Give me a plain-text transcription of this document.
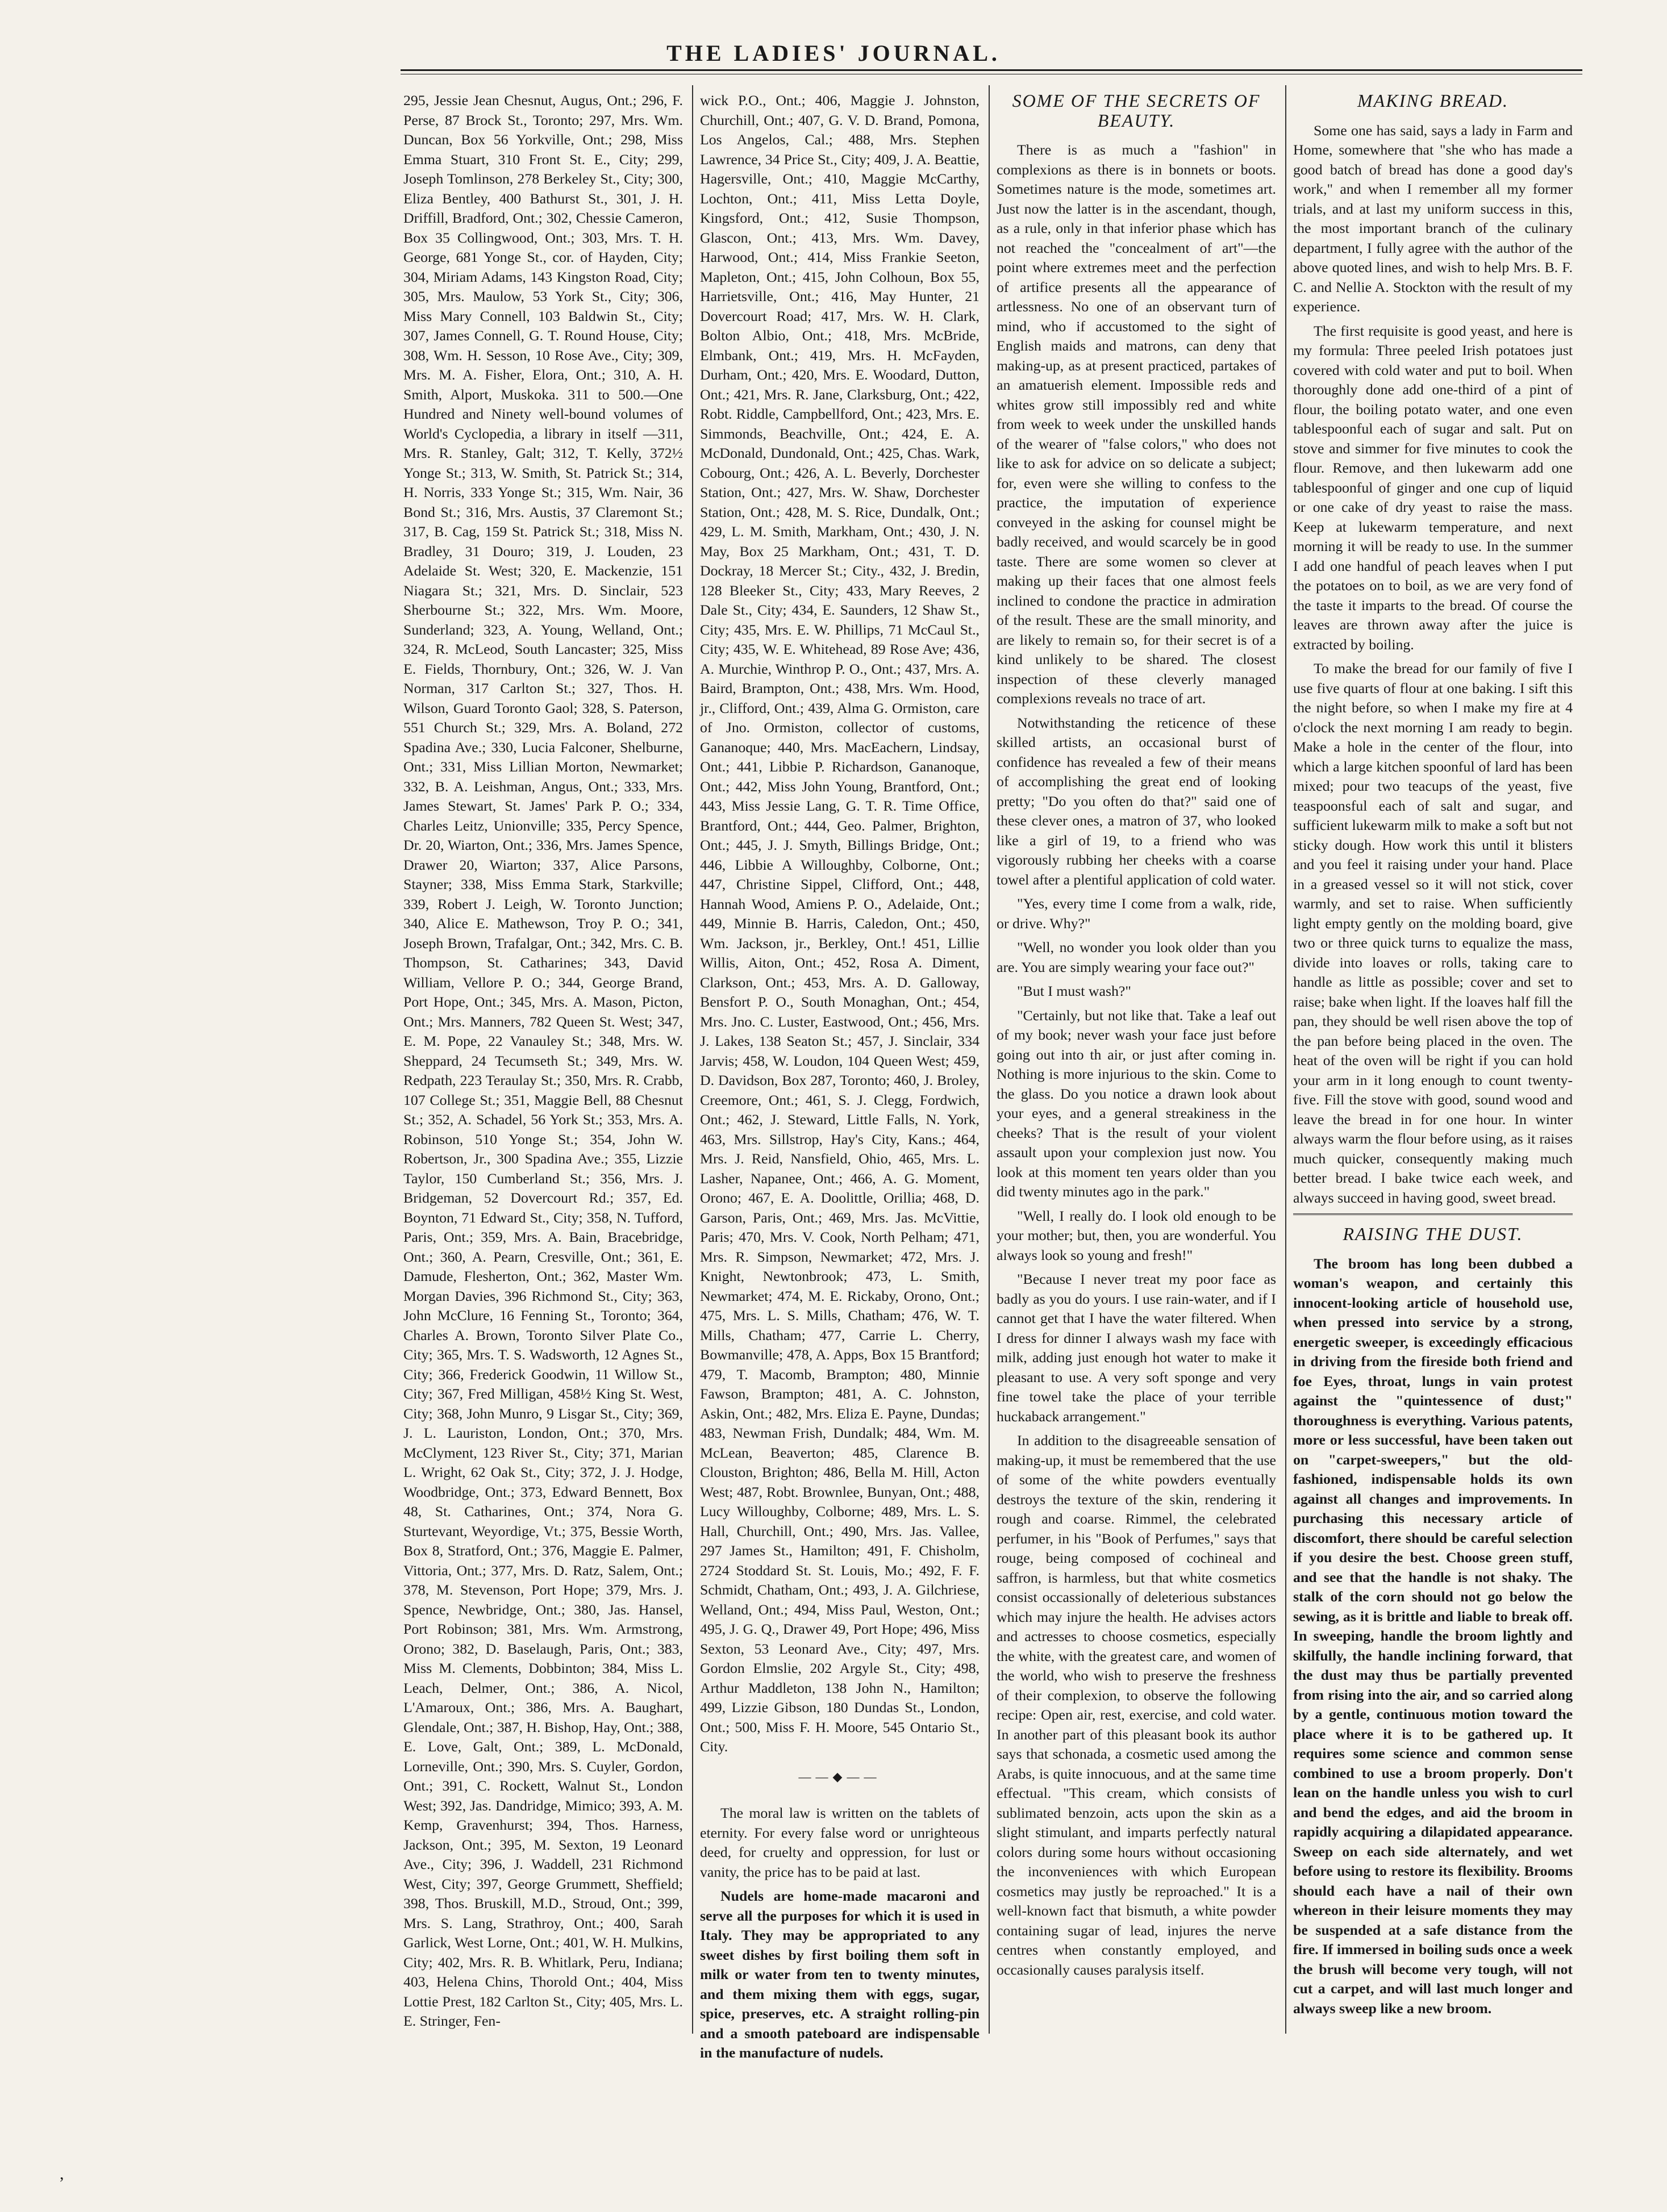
THE LADIES' JOURNAL.

295, Jessie Jean Chesnut, Augus, Ont.; 296, F. Perse, 87 Brock St., Toronto; 297, Mrs. Wm. Duncan, Box 56 Yorkville, Ont.; 298, Miss Emma Stuart, 310 Front St. E., City; 299, Joseph Tomlinson, 278 Berkeley St., City; 300, Eliza Bentley, 400 Bathurst St., 301, J. H. Driffill, Bradford, Ont.; 302, Chessie Cameron, Box 35 Collingwood, Ont.; 303, Mrs. T. H. George, 681 Yonge St., cor. of Hayden, City; 304, Miriam Adams, 143 Kingston Road, City; 305, Mrs. Maulow, 53 York St., City; 306, Miss Mary Connell, 103 Baldwin St., City; 307, James Connell, G. T. Round House, City; 308, Wm. H. Sesson, 10 Rose Ave., City; 309, Mrs. M. A. Fisher, Elora, Ont.; 310, A. H. Smith, Alport, Muskoka. 311 to 500.—One Hundred and Ninety well-bound volumes of World's Cyclopedia, a library in itself —311, Mrs. R. Stanley, Galt; 312, T. Kelly, 372½ Yonge St.; 313, W. Smith, St. Patrick St.; 314, H. Norris, 333 Yonge St.; 315, Wm. Nair, 36 Bond St.; 316, Mrs. Austis, 37 Claremont St.; 317, B. Cag, 159 St. Patrick St.; 318, Miss N. Bradley, 31 Douro; 319, J. Louden, 23 Adelaide St. West; 320, E. Mackenzie, 151 Niagara St.; 321, Mrs. D. Sinclair, 523 Sherbourne St.; 322, Mrs. Wm. Moore, Sunderland; 323, A. Young, Welland, Ont.; 324, R. McLeod, South Lancaster; 325, Miss E. Fields, Thornbury, Ont.; 326, W. J. Van Norman, 317 Carlton St.; 327, Thos. H. Wilson, Guard Toronto Gaol; 328, S. Paterson, 551 Church St.; 329, Mrs. A. Boland, 272 Spadina Ave.; 330, Lucia Falconer, Shelburne, Ont.; 331, Miss Lillian Morton, Newmarket; 332, B. A. Leishman, Angus, Ont.; 333, Mrs. James Stewart, St. James' Park P. O.; 334, Charles Leitz, Unionville; 335, Percy Spence, Dr. 20, Wiarton, Ont.; 336, Mrs. James Spence, Drawer 20, Wiarton; 337, Alice Parsons, Stayner; 338, Miss Emma Stark, Starkville; 339, Robert J. Leigh, W. Toronto Junction; 340, Alice E. Mathewson, Troy P. O.; 341, Joseph Brown, Trafalgar, Ont.; 342, Mrs. C. B. Thompson, St. Catharines; 343, David William, Vellore P. O.; 344, George Brand, Port Hope, Ont.; 345, Mrs. A. Mason, Picton, Ont.; Mrs. Manners, 782 Queen St. West; 347, E. M. Pope, 22 Vanauley St.; 348, Mrs. W. Sheppard, 24 Tecumseth St.; 349, Mrs. W. Redpath, 223 Teraulay St.; 350, Mrs. R. Crabb, 107 College St.; 351, Maggie Bell, 88 Chesnut St.; 352, A. Schadel, 56 York St.; 353, Mrs. A. Robinson, 510 Yonge St.; 354, John W. Robertson, Jr., 300 Spadina Ave.; 355, Lizzie Taylor, 150 Cumberland St.; 356, Mrs. J. Bridgeman, 52 Dovercourt Rd.; 357, Ed. Boynton, 71 Edward St., City; 358, N. Tufford, Paris, Ont.; 359, Mrs. A. Bain, Bracebridge, Ont.; 360, A. Pearn, Cresville, Ont.; 361, E. Damude, Flesherton, Ont.; 362, Master Wm. Morgan Davies, 396 Richmond St., City; 363, John McClure, 16 Fenning St., Toronto; 364, Charles A. Brown, Toronto Silver Plate Co., City; 365, Mrs. T. S. Wadsworth, 12 Agnes St., City; 366, Frederick Goodwin, 11 Willow St., City; 367, Fred Milligan, 458½ King St. West, City; 368, John Munro, 9 Lisgar St., City; 369, J. L. Lauriston, London, Ont.; 370, Mrs. McClyment, 123 River St., City; 371, Marian L. Wright, 62 Oak St., City; 372, J. J. Hodge, Woodbridge, Ont.; 373, Edward Bennett, Box 48, St. Catharines, Ont.; 374, Nora G. Sturtevant, Weyordige, Vt.; 375, Bessie Worth, Box 8, Stratford, Ont.; 376, Maggie E. Palmer, Vittoria, Ont.; 377, Mrs. D. Ratz, Salem, Ont.; 378, M. Stevenson, Port Hope; 379, Mrs. J. Spence, Newbridge, Ont.; 380, Jas. Hansel, Port Robinson; 381, Mrs. Wm. Armstrong, Orono; 382, D. Baselaugh, Paris, Ont.; 383, Miss M. Clements, Dobbinton; 384, Miss L. Leach, Delmer, Ont.; 386, A. Nicol, L'Amaroux, Ont.; 386, Mrs. A. Baughart, Glendale, Ont.; 387, H. Bishop, Hay, Ont.; 388, E. Love, Galt, Ont.; 389, L. McDonald, Lorneville, Ont.; 390, Mrs. S. Cuyler, Gordon, Ont.; 391, C. Rockett, Walnut St., London West; 392, Jas. Dandridge, Mimico; 393, A. M. Kemp, Gravenhurst; 394, Thos. Harness, Jackson, Ont.; 395, M. Sexton, 19 Leonard Ave., City; 396, J. Waddell, 231 Richmond West, City; 397, George Grummett, Sheffield; 398, Thos. Bruskill, M.D., Stroud, Ont.; 399, Mrs. S. Lang, Strathroy, Ont.; 400, Sarah Garlick, West Lorne, Ont.; 401, W. H. Mulkins, City; 402, Mrs. R. B. Whitlark, Peru, Indiana; 403, Helena Chins, Thorold Ont.; 404, Miss Lottie Prest, 182 Carlton St., City; 405, Mrs. L. E. Stringer, Fen-

wick P.O., Ont.; 406, Maggie J. Johnston, Churchill, Ont.; 407, G. V. D. Brand, Pomona, Los Angelos, Cal.; 488, Mrs. Stephen Lawrence, 34 Price St., City; 409, J. A. Beattie, Hagersville, Ont.; 410, Maggie McCarthy, Lochton, Ont.; 411, Miss Letta Doyle, Kingsford, Ont.; 412, Susie Thompson, Glascon, Ont.; 413, Mrs. Wm. Davey, Harwood, Ont.; 414, Miss Frankie Seeton, Mapleton, Ont.; 415, John Colhoun, Box 55, Harrietsville, Ont.; 416, May Hunter, 21 Dovercourt Road; 417, Mrs. W. H. Clark, Bolton Albio, Ont.; 418, Mrs. McBride, Elmbank, Ont.; 419, Mrs. H. McFayden, Durham, Ont.; 420, Mrs. E. Woodard, Dutton, Ont.; 421, Mrs. R. Jane, Clarksburg, Ont.; 422, Robt. Riddle, Campbellford, Ont.; 423, Mrs. E. Simmonds, Beachville, Ont.; 424, E. A. McDonald, Dundonald, Ont.; 425, Chas. Wark, Cobourg, Ont.; 426, A. L. Beverly, Dorchester Station, Ont.; 427, Mrs. W. Shaw, Dorchester Station, Ont.; 428, M. S. Rice, Dundalk, Ont.; 429, L. M. Smith, Markham, Ont.; 430, J. N. May, Box 25 Markham, Ont.; 431, T. D. Dockray, 18 Mercer St.; City., 432, J. Bredin, 128 Bleeker St., City; 433, Mary Reeves, 2 Dale St., City; 434, E. Saunders, 12 Shaw St., City; 435, Mrs. E. W. Phillips, 71 McCaul St., City; 435, W. E. Whitehead, 89 Rose Ave; 436, A. Murchie, Winthrop P. O., Ont.; 437, Mrs. A. Baird, Brampton, Ont.; 438, Mrs. Wm. Hood, jr., Clifford, Ont.; 439, Alma G. Ormiston, care of Jno. Ormiston, collector of customs, Gananoque; 440, Mrs. MacEachern, Lindsay, Ont.; 441, Libbie P. Richardson, Gananoque, Ont.; 442, Miss John Young, Brantford, Ont.; 443, Miss Jessie Lang, G. T. R. Time Office, Brantford, Ont.; 444, Geo. Palmer, Brighton, Ont.; 445, J. J. Smyth, Billings Bridge, Ont.; 446, Libbie A Willoughby, Colborne, Ont.; 447, Christine Sippel, Clifford, Ont.; 448, Hannah Wood, Amiens P. O., Adelaide, Ont.; 449, Minnie B. Harris, Caledon, Ont.; 450, Wm. Jackson, jr., Berkley, Ont.! 451, Lillie Willis, Aiton, Ont.; 452, Rosa A. Diment, Clarkson, Ont.; 453, Mrs. A. D. Galloway, Bensfort P. O., South Monaghan, Ont.; 454, Mrs. Jno. C. Luster, Eastwood, Ont.; 456, Mrs. J. Lakes, 138 Seaton St.; 457, J. Sinclair, 334 Jarvis; 458, W. Loudon, 104 Queen West; 459, D. Davidson, Box 287, Toronto; 460, J. Broley, Creemore, Ont.; 461, S. J. Clegg, Fordwich, Ont.; 462, J. Steward, Little Falls, N. York, 463, Mrs. Sillstrop, Hay's City, Kans.; 464, Mrs. J. Reid, Nansfield, Ohio, 465, Mrs. L. Lasher, Napanee, Ont.; 466, A. G. Moment, Orono; 467, E. A. Doolittle, Orillia; 468, D. Garson, Paris, Ont.; 469, Mrs. Jas. McVittie, Paris; 470, Mrs. V. Cook, North Pelham; 471, Mrs. R. Simpson, Newmarket; 472, Mrs. J. Knight, Newtonbrook; 473, L. Smith, Newmarket; 474, M. E. Rickaby, Orono, Ont.; 475, Mrs. L. S. Mills, Chatham; 476, W. T. Mills, Chatham; 477, Carrie L. Cherry, Bowmanville; 478, A. Apps, Box 15 Brantford; 479, T. Macomb, Brampton; 480, Minnie Fawson, Brampton; 481, A. C. Johnston, Askin, Ont.; 482, Mrs. Eliza E. Payne, Dundas; 483, Newman Frish, Dundalk; 484, Wm. M. McLean, Beaverton; 485, Clarence B. Clouston, Brighton; 486, Bella M. Hill, Acton West; 487, Robt. Brownlee, Bunyan, Ont.; 488, Lucy Willoughby, Colborne; 489, Mrs. L. S. Hall, Churchill, Ont.; 490, Mrs. Jas. Vallee, 297 James St., Hamilton; 491, F. Chisholm, 2724 Stoddard St. St. Louis, Mo.; 492, F. F. Schmidt, Chatham, Ont.; 493, J. A. Gilchriese, Welland, Ont.; 494, Miss Paul, Weston, Ont.; 495, J. G. Q., Drawer 49, Port Hope; 496, Miss Sexton, 53 Leonard Ave., City; 497, Mrs. Gordon Elmslie, 202 Argyle St., City; 498, Arthur Maddleton, 138 John N., Hamilton; 499, Lizzie Gibson, 180 Dundas St., London, Ont.; 500, Miss F. H. Moore, 545 Ontario St., City.

——◆——

The moral law is written on the tablets of eternity. For every false word or unrighteous deed, for cruelty and oppression, for lust or vanity, the price has to be paid at last.

Nudels are home-made macaroni and serve all the purposes for which it is used in Italy. They may be appropriated to any sweet dishes by first boiling them soft in milk or water from ten to twenty minutes, and them mixing them with eggs, sugar, spice, preserves, etc. A straight rolling-pin and a smooth pateboard are indispensable in the manufacture of nudels.

SOME OF THE SECRETS OF BEAUTY.

There is as much a "fashion" in complexions as there is in bonnets or boots. Sometimes nature is the mode, sometimes art. Just now the latter is in the ascendant, though, as a rule, only in that inferior phase which has not reached the "concealment of art"—the point where extremes meet and the perfection of artifice presents all the appearance of artlessness. No one of an observant turn of mind, who if accustomed to the sight of English maids and matrons, can deny that making-up, as at present practiced, partakes of an amatuerish element. Impossible reds and whites grow still impossibly red and white from week to week under the unskilled hands of the wearer of "false colors," who does not like to ask for advice on so delicate a subject; for, even were she willing to confess to the practice, the imputation of experience conveyed in the asking for counsel might be badly received, and would scarcely be in good taste. There are some women so clever at making up their faces that one almost feels inclined to condone the practice in admiration of the result. These are the small minority, and are likely to remain so, for their secret is of a kind unlikely to be shared. The closest inspection of these cleverly managed complexions reveals no trace of art.

Notwithstanding the reticence of these skilled artists, an occasional burst of confidence has revealed a few of their means of accomplishing the great end of looking pretty; "Do you often do that?" said one of these clever ones, a matron of 37, who looked like a girl of 19, to a friend who was vigorously rubbing her cheeks with a coarse towel after a plentiful application of cold water.

"Yes, every time I come from a walk, ride, or drive. Why?"

"Well, no wonder you look older than you are. You are simply wearing your face out?"

"But I must wash?"

"Certainly, but not like that. Take a leaf out of my book; never wash your face just before going out into th air, or just after coming in. Nothing is more injurious to the skin. Come to the glass. Do you notice a drawn look about your eyes, and a general streakiness in the cheeks? That is the result of your violent assault upon your complexion just now. You look at this moment ten years older than you did twenty minutes ago in the park."

"Well, I really do. I look old enough to be your mother; but, then, you are wonderful. You always look so young and fresh!"

"Because I never treat my poor face as badly as you do yours. I use rain-water, and if I cannot get that I have the water filtered. When I dress for dinner I always wash my face with milk, adding just enough hot water to make it pleasant to use. A very soft sponge and very fine towel take the place of your terrible huckaback arrangement."

In addition to the disagreeable sensation of making-up, it must be remembered that the use of some of the white powders eventually destroys the texture of the skin, rendering it rough and coarse. Rimmel, the celebrated perfumer, in his "Book of Perfumes," says that rouge, being composed of cochineal and saffron, is harmless, but that white cosmetics consist occassionally of deleterious substances which may injure the health. He advises actors and actresses to choose cosmetics, especially the white, with the greatest care, and women of the world, who wish to preserve the freshness of their complexion, to observe the following recipe: Open air, rest, exercise, and cold water. In another part of this pleasant book its author says that schonada, a cosmetic used among the Arabs, is quite innocuous, and at the same time effectual. "This cream, which consists of sublimated benzoin, acts upon the skin as a slight stimulant, and imparts perfectly natural colors during some hours without occasioning the inconveniences with which European cosmetics may justly be reproached." It is a well-known fact that bismuth, a white powder containing sugar of lead, injures the nerve centres when constantly employed, and occasionally causes paralysis itself.

MAKING BREAD.

Some one has said, says a lady in Farm and Home, somewhere that "she who has made a good batch of bread has done a good day's work," and when I remember all my former trials, and at last my uniform success in this, the most important branch of the culinary department, I fully agree with the author of the above quoted lines, and wish to help Mrs. B. F. C. and Nellie A. Stockton with the result of my experience.

The first requisite is good yeast, and here is my formula: Three peeled Irish potatoes just covered with cold water and put to boil. When thoroughly done add one-third of a pint of flour, the boiling potato water, and one even tablespoonful each of sugar and salt. Put on stove and simmer for five minutes to cook the flour. Remove, and then lukewarm add one tablespoonful of ginger and one cup of liquid or one cake of dry yeast to raise the mass. Keep at lukewarm temperature, and next morning it will be ready to use. In the summer I add one handful of peach leaves when I put the potatoes on to boil, as we are very fond of the taste it imparts to the bread. Of course the leaves are thrown away after the juice is extracted by boiling.

To make the bread for our family of five I use five quarts of flour at one baking. I sift this the night before, so when I make my fire at 4 o'clock the next morning I am ready to begin. Make a hole in the center of the flour, into which a large kitchen spoonful of lard has been mixed; pour two teacups of the yeast, five teaspoonsful each of salt and sugar, and sufficient lukewarm milk to make a soft but not sticky dough. How work this until it blisters and you feel it raising under your hand. Place in a greased vessel so it will not stick, cover warmly, and set to raise. When sufficiently light empty gently on the molding board, give two or three quick turns to equalize the mass, divide into loaves or rolls, taking care to handle as little as possible; cover and set to raise; bake when light. If the loaves half fill the pan, they should be well risen above the top of the pan before being placed in the oven. The heat of the oven will be right if you can hold your arm in it long enough to count twenty-five. Fill the stove with good, sound wood and leave the bread in for one hour. In winter always warm the flour before using, as it raises much quicker, consequently making much better bread. I bake twice each week, and always succeed in having good, sweet bread.

RAISING THE DUST.

The broom has long been dubbed a woman's weapon, and certainly this innocent-looking article of household use, when pressed into service by a strong, energetic sweeper, is exceedingly efficacious in driving from the fireside both friend and foe Eyes, throat, lungs in vain protest against the "quintessence of dust;" thoroughness is everything. Various patents, more or less successful, have been taken out on "carpet-sweepers," but the old-fashioned, indispensable holds its own against all changes and improvements. In purchasing this necessary article of discomfort, there should be careful selection if you desire the best. Choose green stuff, and see that the handle is not shaky. The stalk of the corn should not go below the sewing, as it is brittle and liable to break off. In sweeping, handle the broom lightly and skilfully, the handle inclining forward, that the dust may thus be partially prevented from rising into the air, and so carried along by a gentle, continuous motion toward the place where it is to be gathered up. It requires some science and common sense combined to use a broom properly. Don't lean on the handle unless you wish to curl and bend the edges, and aid the broom in rapidly acquiring a dilapidated appearance. Sweep on each side alternately, and wet before using to restore its flexibility. Brooms should each have a nail of their own whereon in their leisure moments they may be suspended at a safe distance from the fire. If immersed in boiling suds once a week the brush will become very tough, will not cut a carpet, and will last much longer and always sweep like a new broom.

,
